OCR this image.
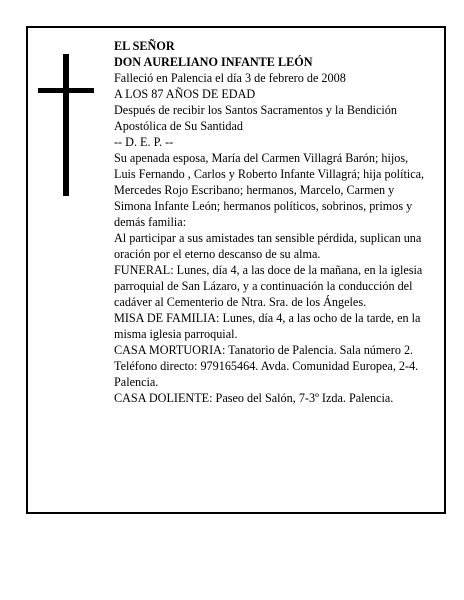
EL SEÑOR

DON AURELIANO INFANTE LEÓN

Falleció en Palencia el día 3 de febrero de 2008

A LOS 87 AÑOS DE EDAD

Después de recibir los Santos Sacramentos y la Bendición Apostólica de Su Santidad

-- D. E. P. --

Su apenada esposa, María del Carmen Villagrá Barón; hijos, Luis Fernando , Carlos y Roberto Infante Villagrá; hija política, Mercedes Rojo Escribano; hermanos, Marcelo, Carmen y Simona Infante León; hermanos políticos, sobrinos, primos y demás familia:

Al participar a sus amistades tan sensible pérdida, suplican una oración por el eterno descanso de su alma.

FUNERAL: Lunes, día 4, a las doce de la mañana, en la iglesia parroquial de San Lázaro, y a continuación la conducción del cadáver al Cementerio de Ntra. Sra. de los Ángeles.

MISA DE FAMILIA: Lunes, día 4, a las ocho de la tarde, en la misma iglesia parroquial.

CASA MORTUORIA: Tanatorio de Palencia. Sala número 2. Teléfono directo: 979165464. Avda. Comunidad Europea, 2-4. Palencia.

CASA DOLIENTE: Paseo del Salón, 7-3º Izda. Palencia.
